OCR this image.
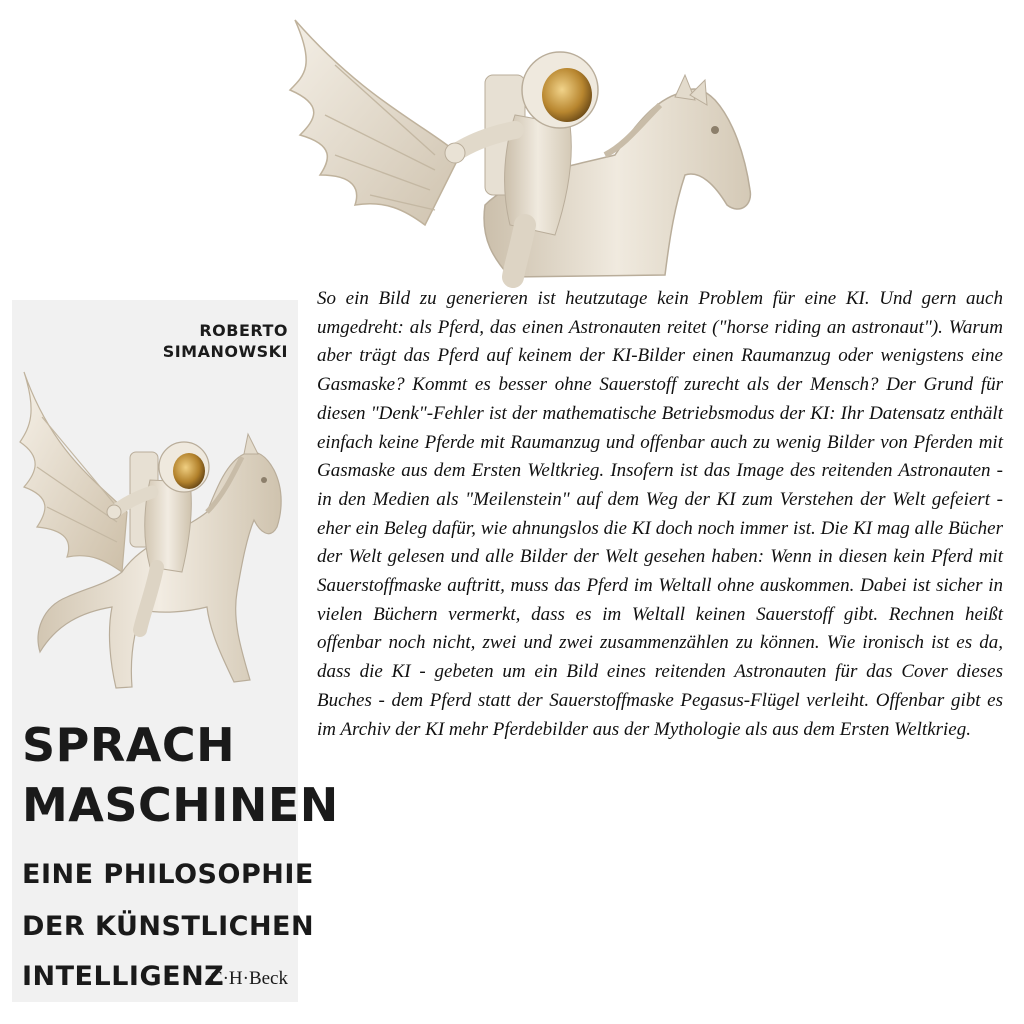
ROBERTO
SIMANOWSKI
SPRACH
MASCHINEN
EINE PHILOSOPHIE
DER KÜNSTLICHEN
INTELLIGENZ
C·H·Beck

So ein Bild zu generieren ist heutzutage kein Problem für eine KI. Und gern auch umgedreht: als Pferd, das einen Astronauten reitet ("horse riding an astronaut"). Warum aber trägt das Pferd auf keinem der KI-Bilder einen Raumanzug oder wenigstens eine Gasmaske? Kommt es besser ohne Sauerstoff zurecht als der Mensch? Der Grund für diesen "Denk"-Fehler ist der mathematische Betriebsmodus der KI: Ihr Datensatz enthält einfach keine Pferde mit Raumanzug und offenbar auch zu wenig Bilder von Pferden mit Gasmaske aus dem Ersten Weltkrieg. Insofern ist das Image des reitenden Astronauten - in den Medien als "Meilenstein" auf dem Weg der KI zum Verstehen der Welt gefeiert - eher ein Beleg dafür, wie ahnungslos die KI doch noch immer ist. Die KI mag alle Bücher der Welt gelesen und alle Bilder der Welt gesehen haben: Wenn in diesen kein Pferd mit Sauerstoffmaske auftritt, muss das Pferd im Weltall ohne auskommen. Dabei ist sicher in vielen Büchern vermerkt, dass es im Weltall keinen Sauerstoff gibt. Rechnen heißt offenbar noch nicht, zwei und zwei zusammenzählen zu können. Wie ironisch ist es da, dass die KI - gebeten um ein Bild eines reitenden Astronauten für das Cover dieses Buches - dem Pferd statt der Sauerstoffmaske Pegasus-Flügel verleiht. Offenbar gibt es im Archiv der KI mehr Pferdebilder aus der Mythologie als aus dem Ersten Weltkrieg.
